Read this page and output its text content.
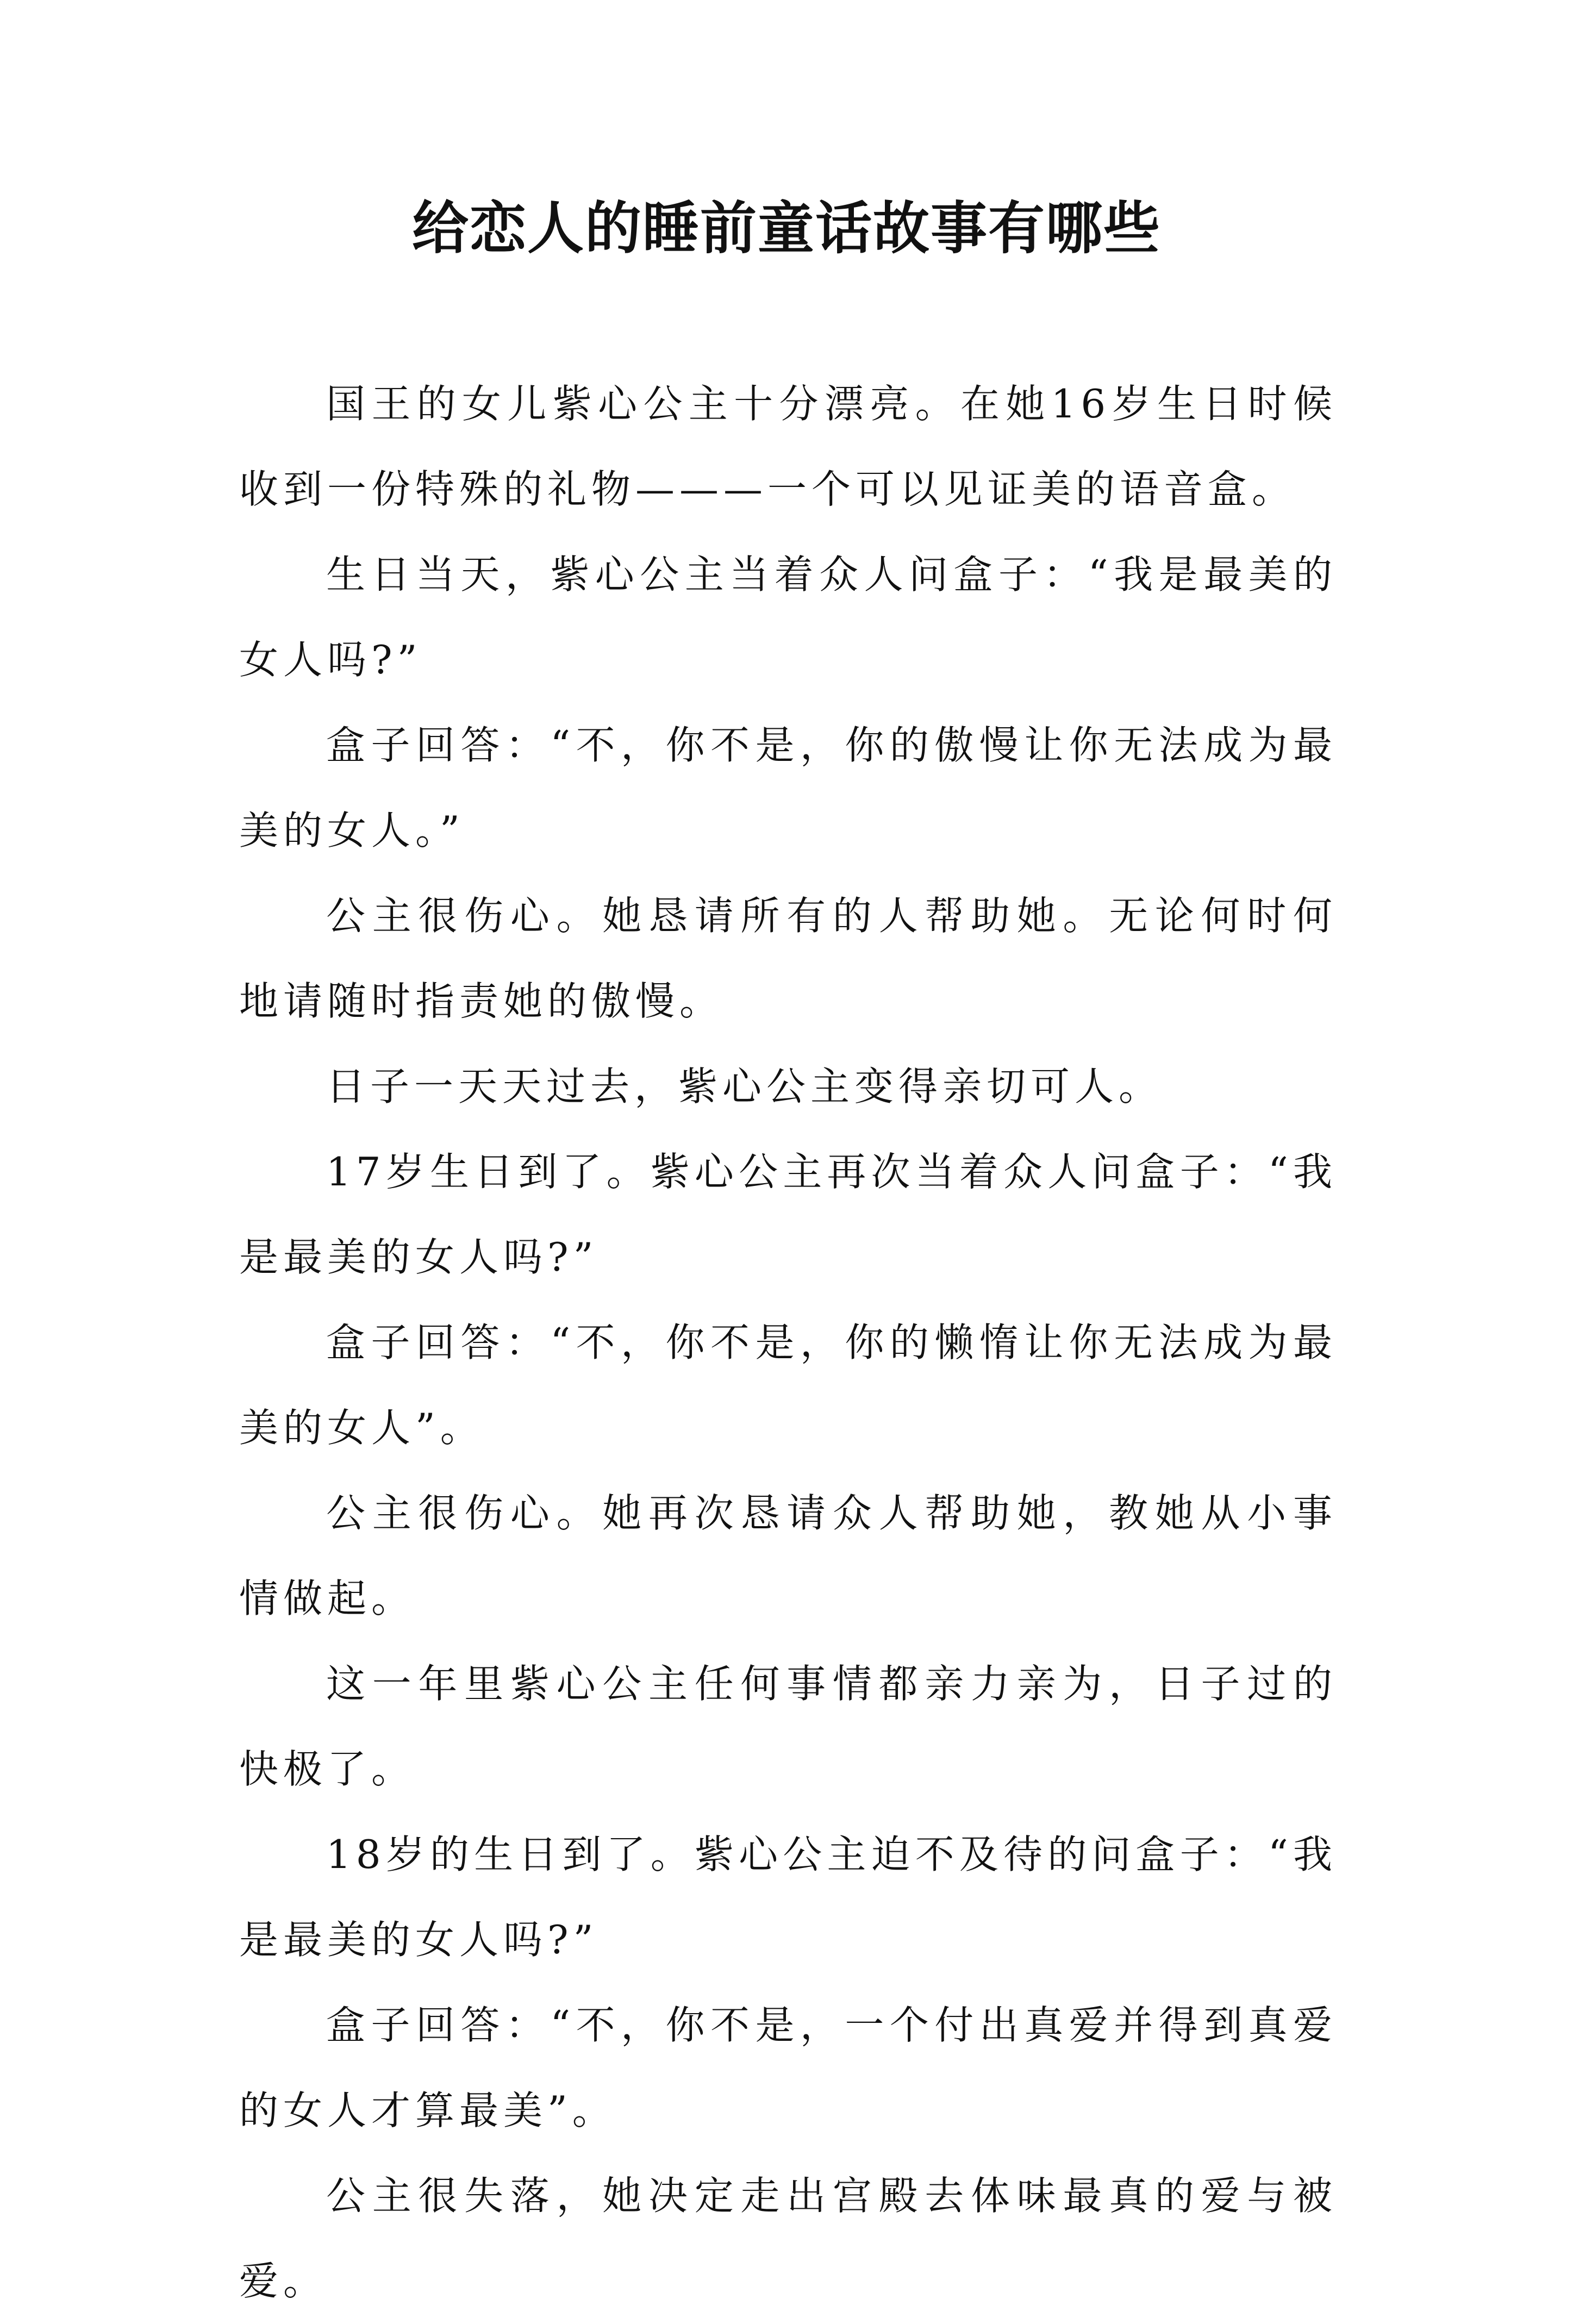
给恋人的睡前童话故事有哪些

国王的女儿紫心公主十分漂亮。在她16岁生日时候收到一份特殊的礼物———一个可以见证美的语音盒。

生日当天，紫心公主当着众人问盒子：“我是最美的女人吗?”

盒子回答：“不，你不是，你的傲慢让你无法成为最美的女人。”

公主很伤心。她恳请所有的人帮助她。无论何时何地请随时指责她的傲慢。

日子一天天过去，紫心公主变得亲切可人。

17岁生日到了。紫心公主再次当着众人问盒子：“我是最美的女人吗?”

盒子回答：“不，你不是，你的懒惰让你无法成为最美的女人”。

公主很伤心。她再次恳请众人帮助她，教她从小事情做起。

这一年里紫心公主任何事情都亲力亲为，日子过的快极了。

18岁的生日到了。紫心公主迫不及待的问盒子：“我是最美的女人吗?”

盒子回答：“不，你不是，一个付出真爱并得到真爱的女人才算最美”。

公主很失落，她决定走出宫殿去体味最真的爱与被爱。
